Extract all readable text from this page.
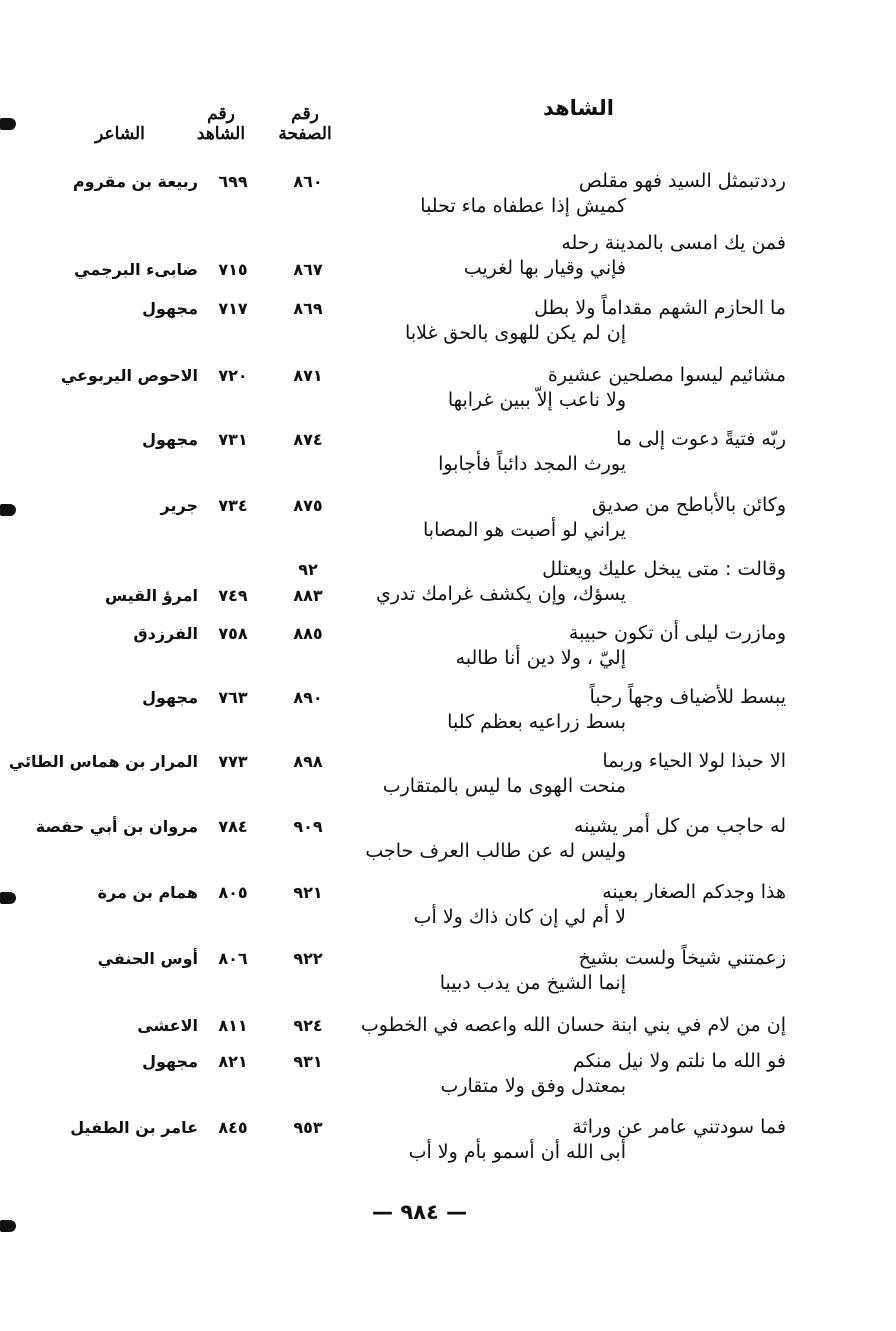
الشاهد
رقم
الصفحة
رقم
الشاهد
الشاعر
رددتبمثل السيد فهو مقلص
كميش إذا عطفاه ماء تحلبا
٨٦٠
٦٩٩
ربيعة بن مقروم
فمن يك امسى بالمدينة رحله
فإني وقيار بها لغريب
٨٦٧
٧١٥
ضابىء البرجمي
ما الحازم الشهم مقداماً ولا بطل
إن لم يكن للهوى بالحق غلابا
٨٦٩
٧١٧
مجهول
مشائيم ليسوا مصلحين عشيرة
ولا ناعب إلاّ ببين غرابها
٨٧١
٧٢٠
الاحوص اليربوعي
ربّه فتيةً دعوت إلى ما
يورث المجد دائباً فأجابوا
٨٧٤
٧٣١
مجهول
وكائن بالأباطح من صديق
يراني لو أصبت هو المصابا
٨٧٥
٧٣٤
جرير
وقالت : متى يبخل عليك ويعتلل
يسؤك، وإن يكشف غرامك تدري
٩٢
٨٨٣
٧٤٩
امرؤ القيس
ومازرت ليلى أن تكون حبيبة
إليّ ، ولا دين أنا طالبه
٨٨٥
٧٥٨
الفرزدق
يبسط للأضياف وجهاً رحباً
بسط زراعيه بعظم كلبا
٨٩٠
٧٦٣
مجهول
الا حبذا لولا الحياء وربما
منحت الهوى ما ليس بالمتقارب
٨٩٨
٧٧٣
المرار بن هماس الطائي
له حاجب من كل أمر يشينه
وليس له عن طالب العرف حاجب
٩٠٩
٧٨٤
مروان بن أبي حفصة
هذا وجدكم الصغار بعينه
لا أم لي إن كان ذاك ولا أب
٩٢١
٨٠٥
همام بن مرة
زعمتني شيخاً ولست بشيخ
إنما الشيخ من يدب دبيبا
٩٢٢
٨٠٦
أوس الحنفي
إن من لام في بني ابنة حسان الله واعصه في الخطوب
٩٢٤
٨١١
الاعشى
فو الله ما نلتم ولا نيل منكم
بمعتدل وفق ولا متقارب
٩٣١
٨٢١
مجهول
فما سودتني عامر عن وراثة
أبى الله أن أسمو بأم ولا أب
٩٥٣
٨٤٥
عامر بن الطفيل
— ٩٨٤ —
